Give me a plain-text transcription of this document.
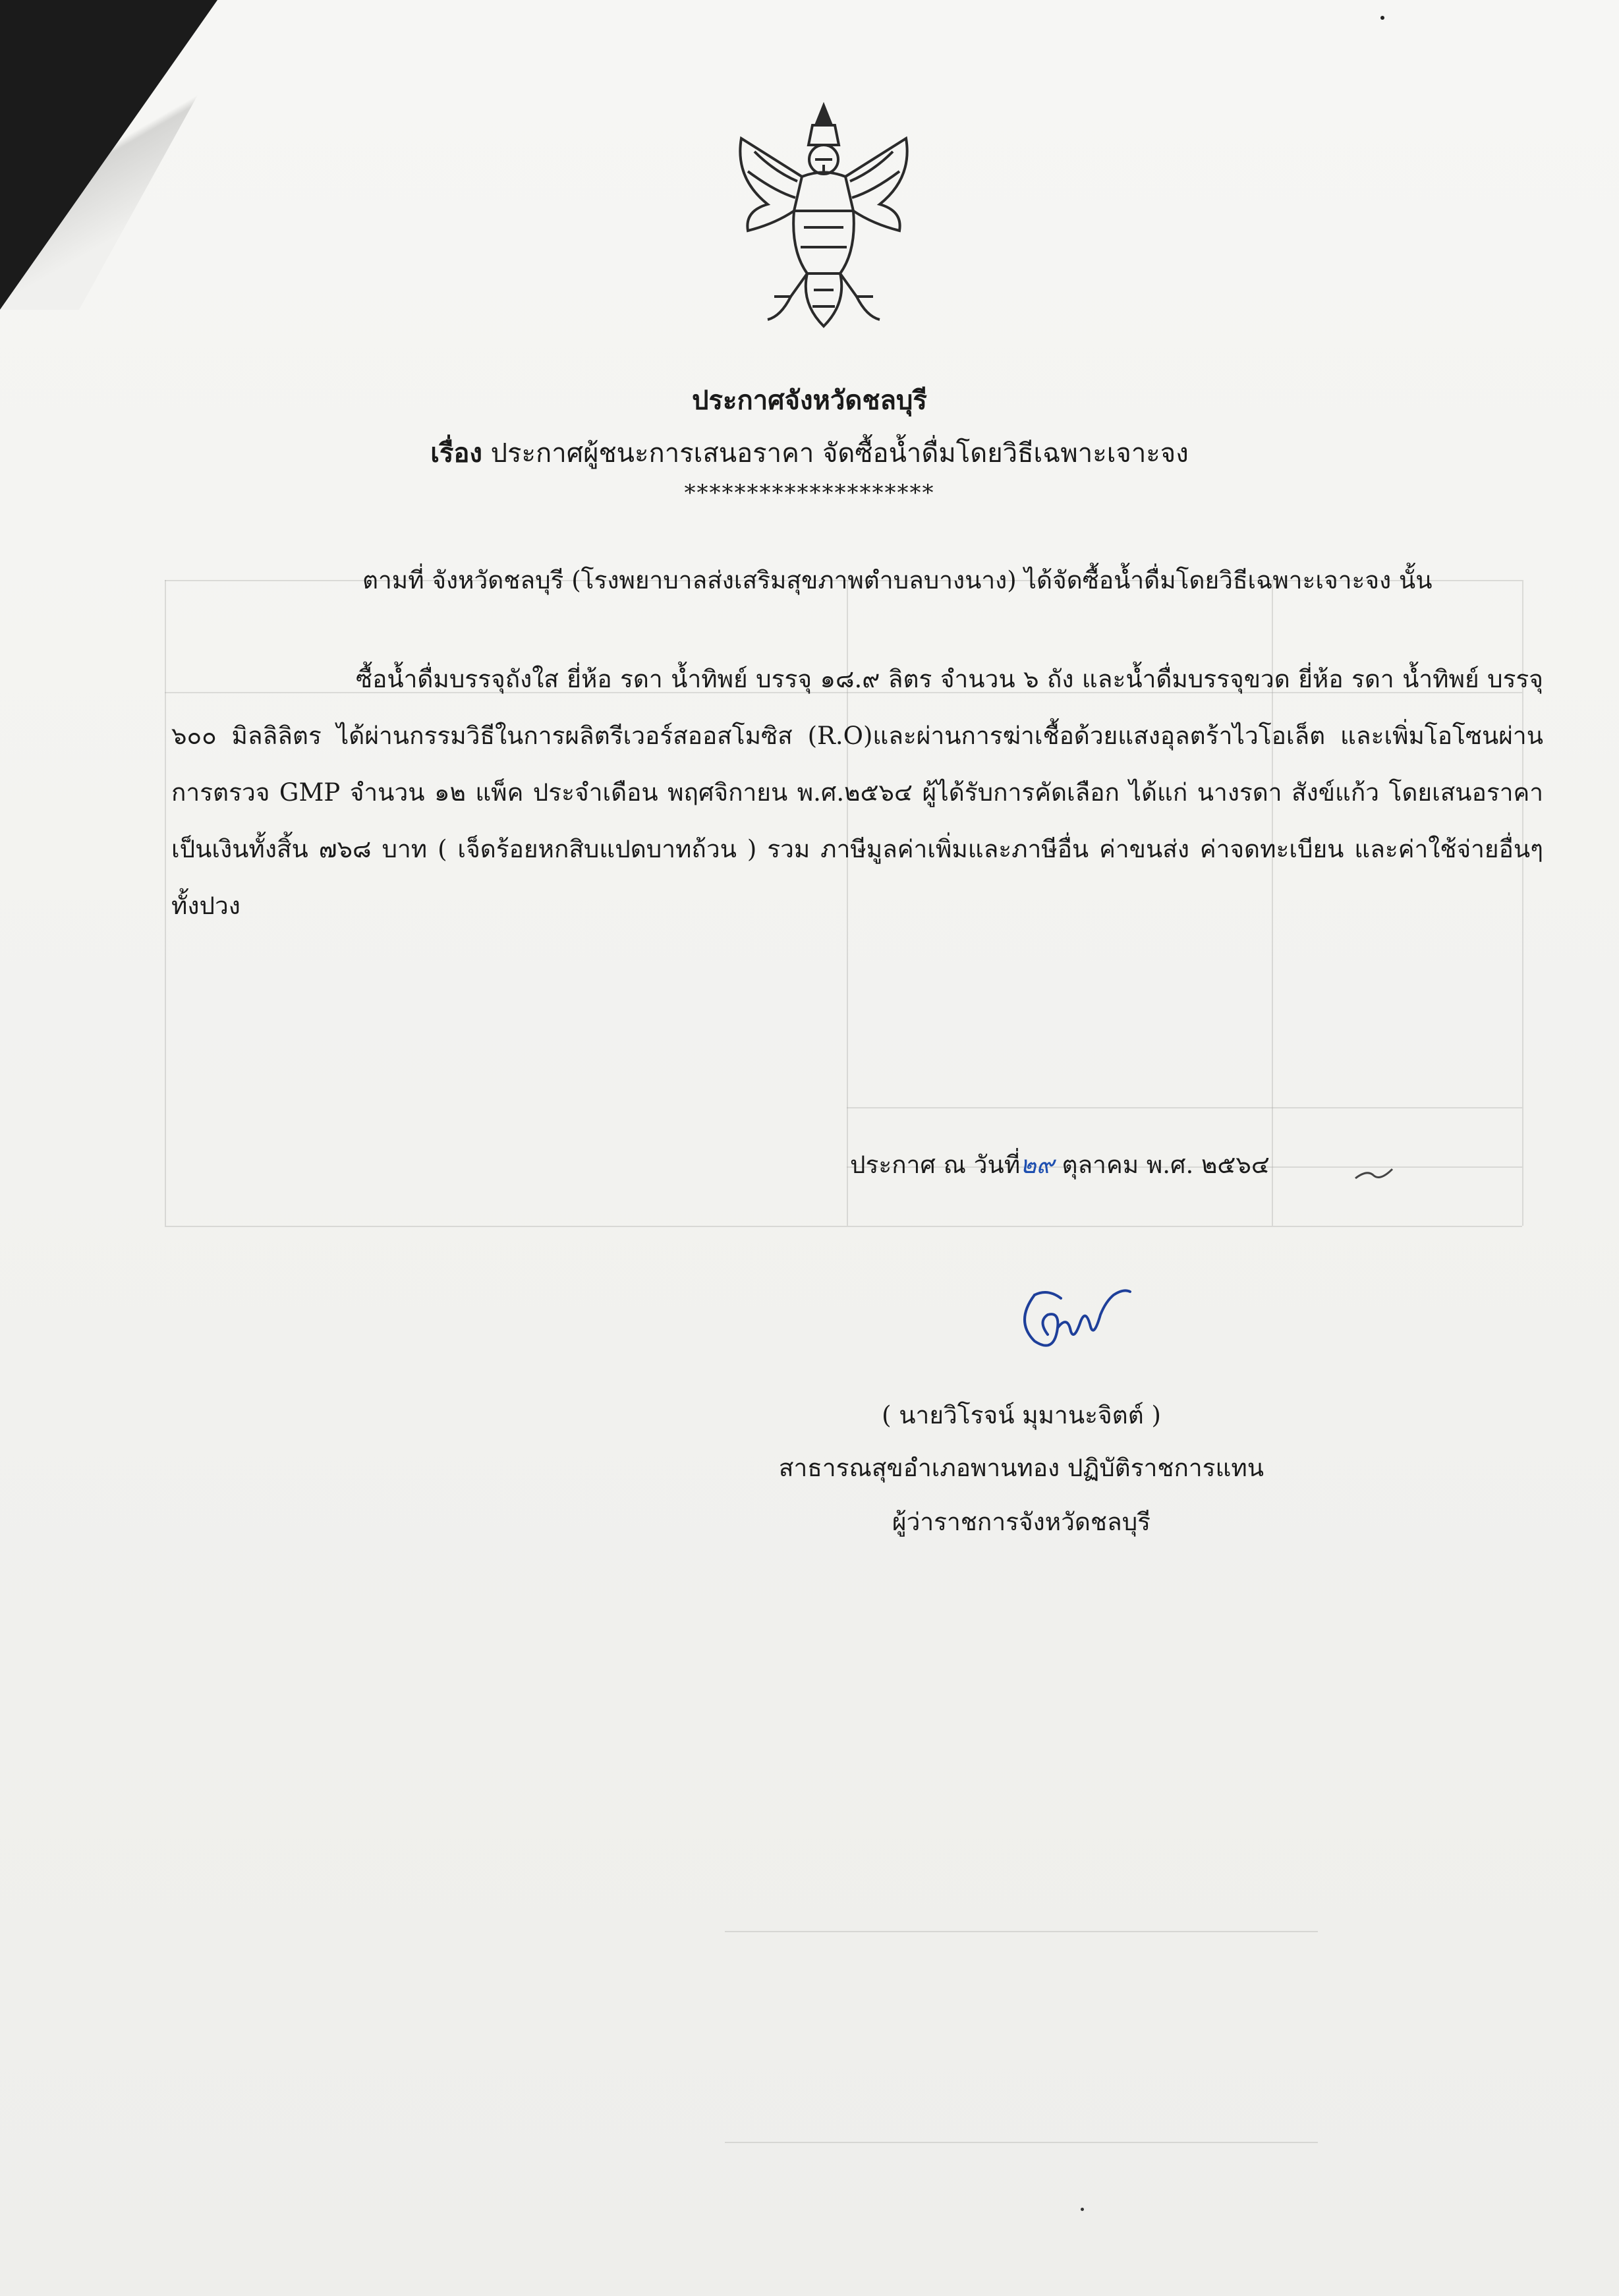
ประกาศจังหวัดชลบุรี
เรื่อง ประกาศผู้ชนะการเสนอราคา จัดซื้อน้ำดื่มโดยวิธีเฉพาะเจาะจง
********************
ตามที่ จังหวัดชลบุรี (โรงพยาบาลส่งเสริมสุขภาพตำบลบางนาง) ได้จัดซื้อน้ำดื่มโดยวิธีเฉพาะเจาะจง นั้น
ซื้อน้ำดื่มบรรจุถังใส ยี่ห้อ รดา น้ำทิพย์ บรรจุ ๑๘.๙ ลิตร จำนวน ๖ ถัง และน้ำดื่มบรรจุขวด ยี่ห้อ รดา น้ำทิพย์ บรรจุ ๖๐๐ มิลลิลิตร ได้ผ่านกรรมวิธีในการผลิตรีเวอร์สออสโมซิส (R.O)และผ่านการฆ่าเชื้อด้วยแสงอุลตร้าไวโอเล็ต และเพิ่มโอโซนผ่านการตรวจ GMP จำนวน ๑๒ แพ็ค ประจำเดือน พฤศจิกายน พ.ศ.๒๕๖๔ ผู้ได้รับการคัดเลือก ได้แก่ นางรดา สังข์แก้ว โดยเสนอราคา เป็นเงินทั้งสิ้น ๗๖๘ บาท ( เจ็ดร้อยหกสิบแปดบาทถ้วน ) รวม ภาษีมูลค่าเพิ่มและภาษีอื่น ค่าขนส่ง ค่าจดทะเบียน และค่าใช้จ่ายอื่นๆทั้งปวง
ประกาศ ณ วันที่๒๙ ตุลาคม พ.ศ. ๒๕๖๔
( นายวิโรจน์ มุมานะจิตต์ )
สาธารณสุขอำเภอพานทอง ปฏิบัติราชการแทน
ผู้ว่าราชการจังหวัดชลบุรี
